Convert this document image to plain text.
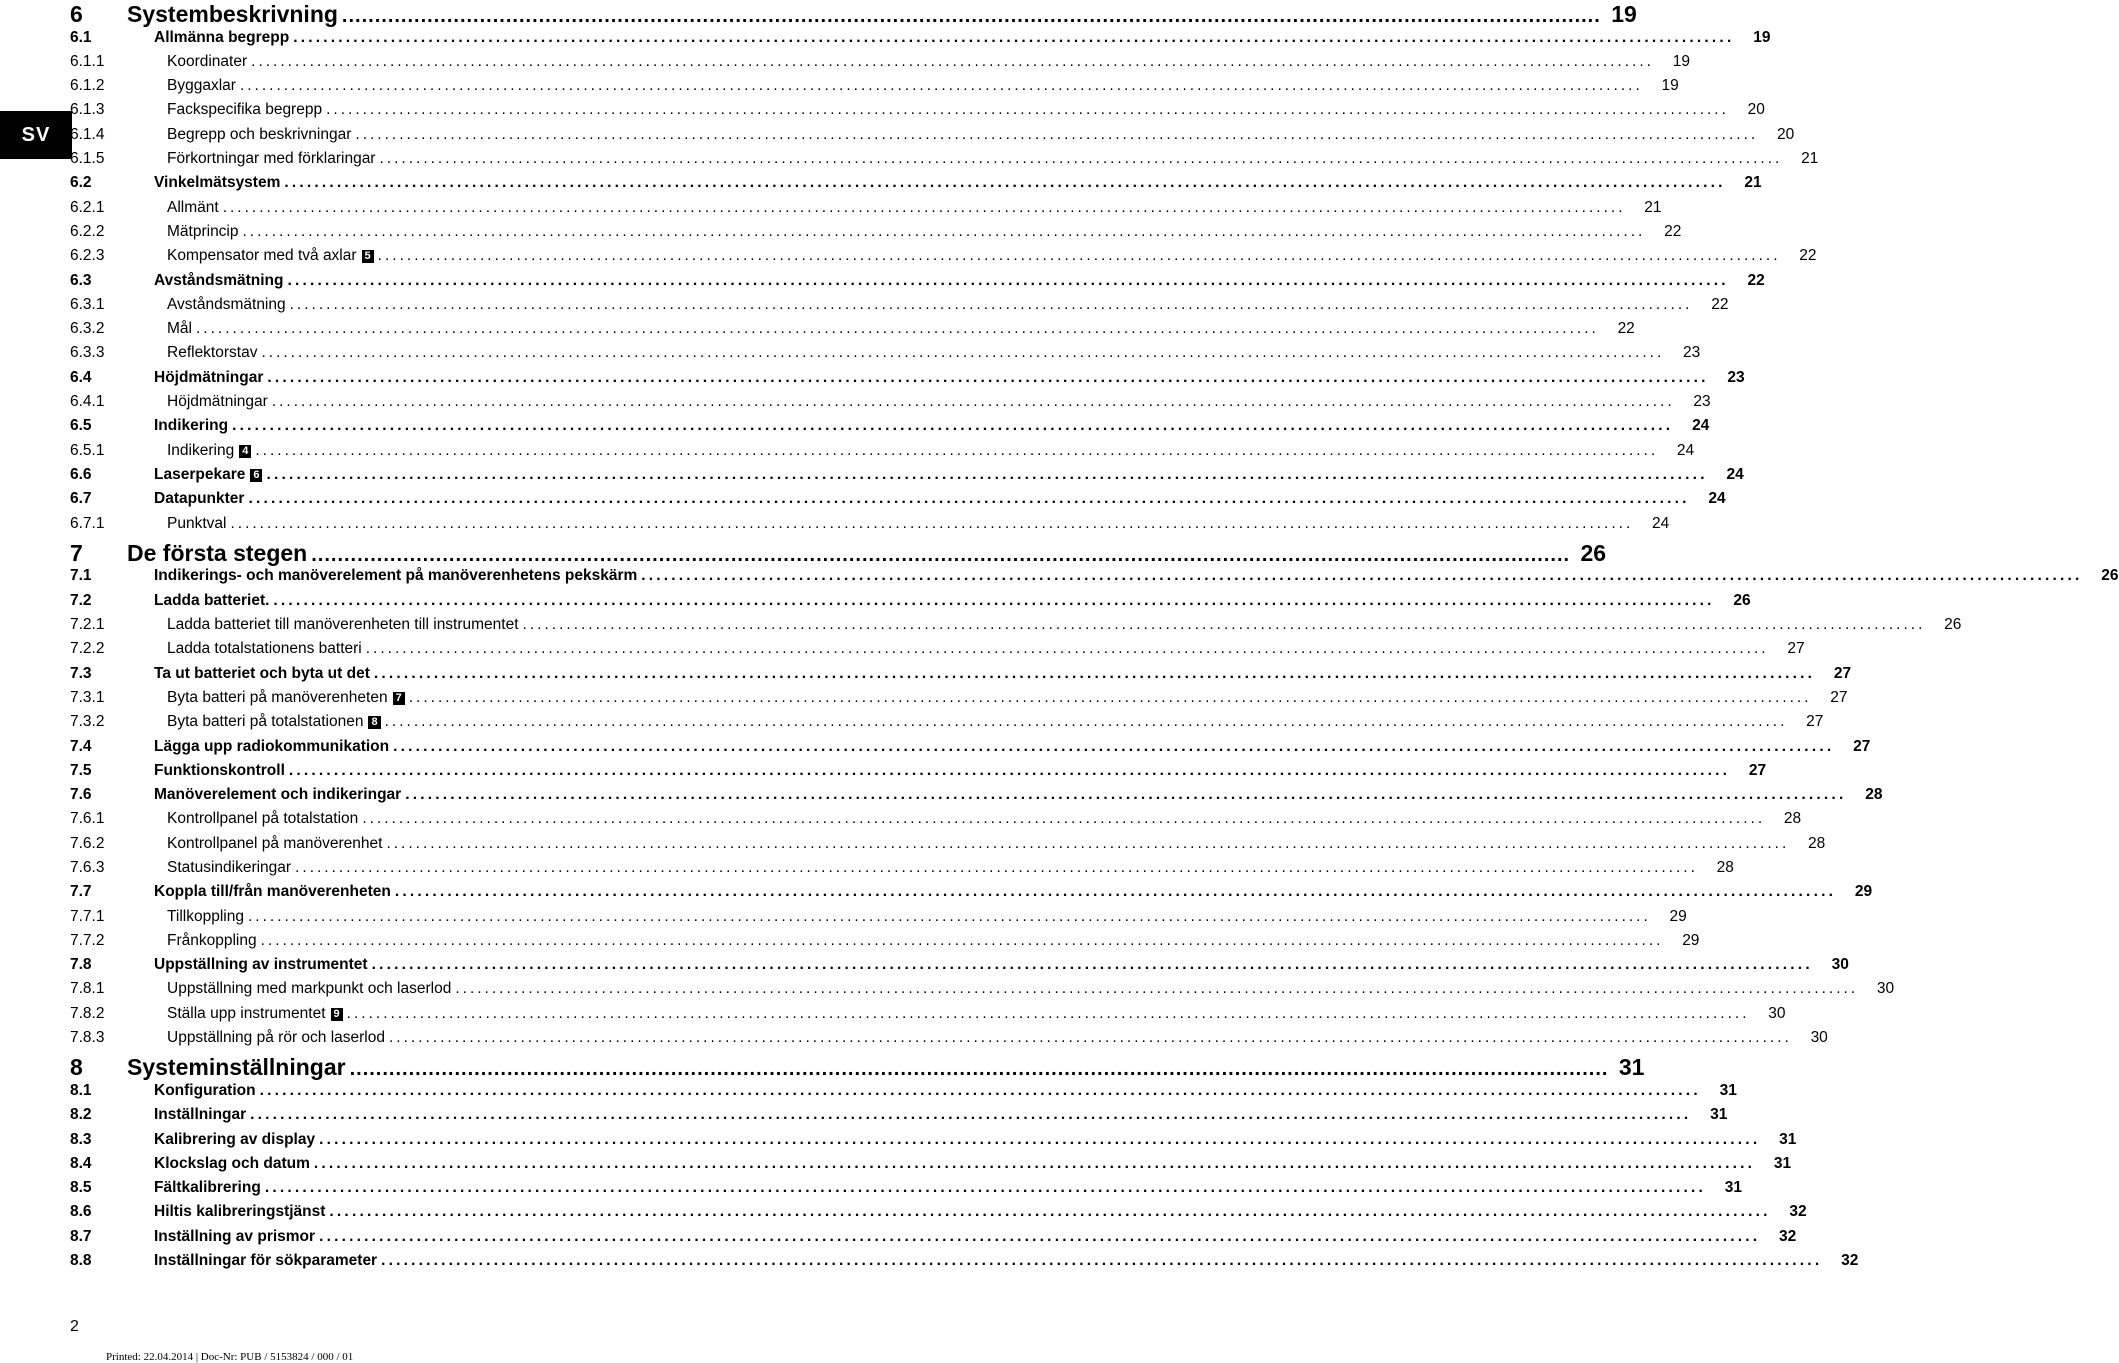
SV
6	Systembeskrivning .....	19
6.1	Allmänna begrepp .....	19
6.1.1	Koordinater .....	19
6.1.2	Byggaxlar .....	19
6.1.3	Fackspecifika begrepp .....	20
6.1.4	Begrepp och beskrivningar .....	20
6.1.5	Förkortningar med förklaringar .....	21
6.2	Vinkelmätsystem .....	21
6.2.1	Allmänt .....	21
6.2.2	Mätprincip .....	22
6.2.3	Kompensator med två axlar 5 .....	22
6.3	Avståndsmätning .....	22
6.3.1	Avståndsmätning .....	22
6.3.2	Mål .....	22
6.3.3	Reflektorstav .....	23
6.4	Höjdmätningar .....	23
6.4.1	Höjdmätningar .....	23
6.5	Indikering .....	24
6.5.1	Indikering 4 .....	24
6.6	Laserpekare 6 .....	24
6.7	Datapunkter .....	24
6.7.1	Punktval .....	24
7	De första stegen .....	26
7.1	Indikerings- och manöverelement på manöverenhetens pekskärm .....	26
7.2	Ladda batteriet. .....	26
7.2.1	Ladda batteriet till manöverenheten till instrumentet .....	26
7.2.2	Ladda totalstationens batteri .....	27
7.3	Ta ut batteriet och byta ut det .....	27
7.3.1	Byta batteri på manöverenheten 7 .....	27
7.3.2	Byta batteri på totalstationen 8 .....	27
7.4	Lägga upp radiokommunikation .....	27
7.5	Funktionskontroll .....	27
7.6	Manöverelement och indikeringar .....	28
7.6.1	Kontrollpanel på totalstation .....	28
7.6.2	Kontrollpanel på manöverenhet .....	28
7.6.3	Statusindikeringar .....	28
7.7	Koppla till/från manöverenheten .....	29
7.7.1	Tillkoppling .....	29
7.7.2	Frånkoppling .....	29
7.8	Uppställning av instrumentet .....	30
7.8.1	Uppställning med markpunkt och laserlod .....	30
7.8.2	Ställa upp instrumentet 9 .....	30
7.8.3	Uppställning på rör och laserlod .....	30
8	Systeminställningar .....	31
8.1	Konfiguration .....	31
8.2	Inställningar .....	31
8.3	Kalibrering av display .....	31
8.4	Klockslag och datum .....	31
8.5	Fältkalibrering .....	31
8.6	Hiltis kalibreringstjänst .....	32
8.7	Inställning av prismor .....	32
8.8	Inställningar för sökparameter .....	32
2
Printed: 22.04.2014 | Doc-Nr: PUB / 5153824 / 000 / 01
